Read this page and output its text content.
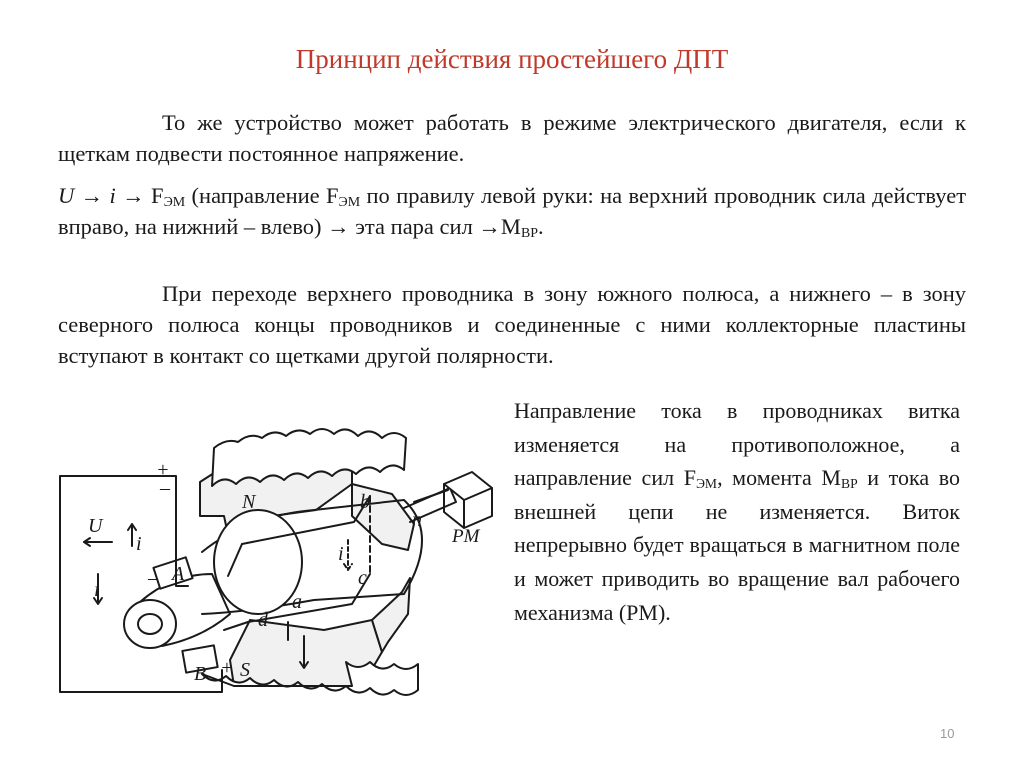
Принцип действия простейшего ДПТ
То же устройство может работать в режиме электрического двигателя, если к щеткам подвести постоянное напряжение.
$U \to i \to F_{ЭМ}$ (направление $F_{ЭМ}$ по правилу левой руки: на верхний проводник сила действует вправо, на нижний – влево) → эта пара сил $\to M_{ВР}$.
При переходе верхнего проводника в зону южного полюса, а нижнего – в зону северного полюса концы проводников и соединенные с ними коллекторные пластины вступают в контакт со щетками другой полярности.
Направление тока в проводниках витка изменяется на противоположное, а направление сил $F_{ЭМ}$, момента $M_{ВР}$ и тока во внешней цепи не изменяется. Виток непрерывно будет вращаться в магнитном поле и может приводить во вращение вал рабочего механизма (РМ).
+
–
U
i
i
i
N
S
A
B
a
b
c
d
n
PM
+
–
10
